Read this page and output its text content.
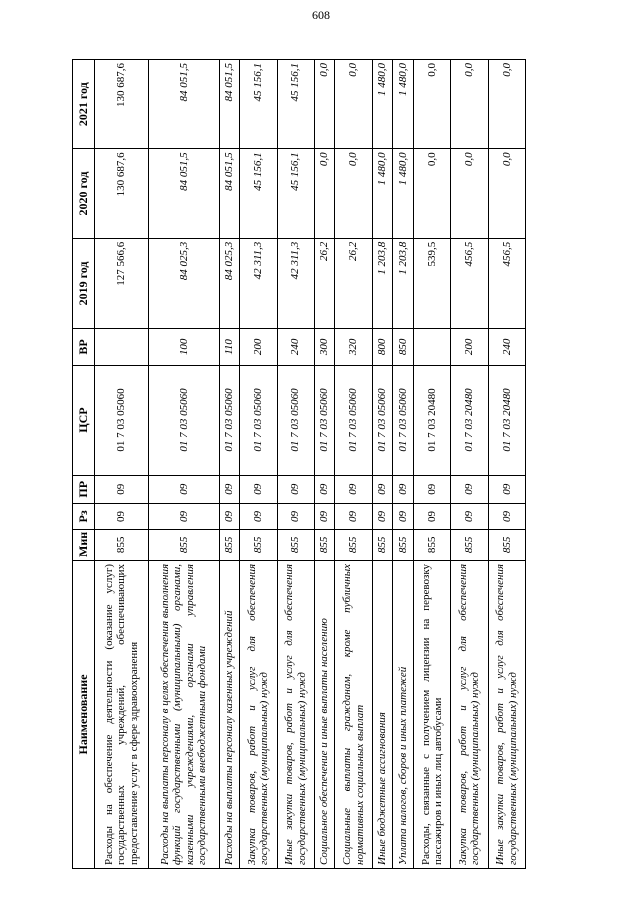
608
Наименование	Мин	Рз	ПР	ЦСР	ВР	2019 год	2020 год	2021 год
Расходы на обеспечение деятельности (оказание услуг) государственных учреждений, обеспечивающих предоставление услуг в сфере здравоохранения	855	09	09	01 7 03 05060		127 566,6	130 687,6	130 687,6
Расходы на выплаты персоналу в целях обеспечения выполнения функций государственными (муниципальными) органами, казенными учреждениями, органами управления государственными внебюджетными фондами	855	09	09	01 7 03 05060	100	84 025,3	84 051,5	84 051,5
Расходы на выплаты персоналу казенных учреждений	855	09	09	01 7 03 05060	110	84 025,3	84 051,5	84 051,5
Закупка товаров, работ и услуг для обеспечения государственных (муниципальных) нужд	855	09	09	01 7 03 05060	200	42 311,3	45 156,1	45 156,1
Иные закупки товаров, работ и услуг для обеспечения государственных (муниципальных) нужд	855	09	09	01 7 03 05060	240	42 311,3	45 156,1	45 156,1
Социальное обеспечение и иные выплаты населению	855	09	09	01 7 03 05060	300	26,2	0,0	0,0
Социальные выплаты гражданам, кроме публичных нормативных социальных выплат	855	09	09	01 7 03 05060	320	26,2	0,0	0,0
Иные бюджетные ассигнования	855	09	09	01 7 03 05060	800	1 203,8	1 480,0	1 480,0
Уплата налогов, сборов и иных платежей	855	09	09	01 7 03 05060	850	1 203,8	1 480,0	1 480,0
Расходы, связанные с получением лицензии на перевозку пассажиров и иных лиц автобусами	855	09	09	01 7 03 20480		539,5	0,0	0,0
Закупка товаров, работ и услуг для обеспечения государственных (муниципальных) нужд	855	09	09	01 7 03 20480	200	456,5	0,0	0,0
Иные закупки товаров, работ и услуг для обеспечения государственных (муниципальных) нужд	855	09	09	01 7 03 20480	240	456,5	0,0	0,0
